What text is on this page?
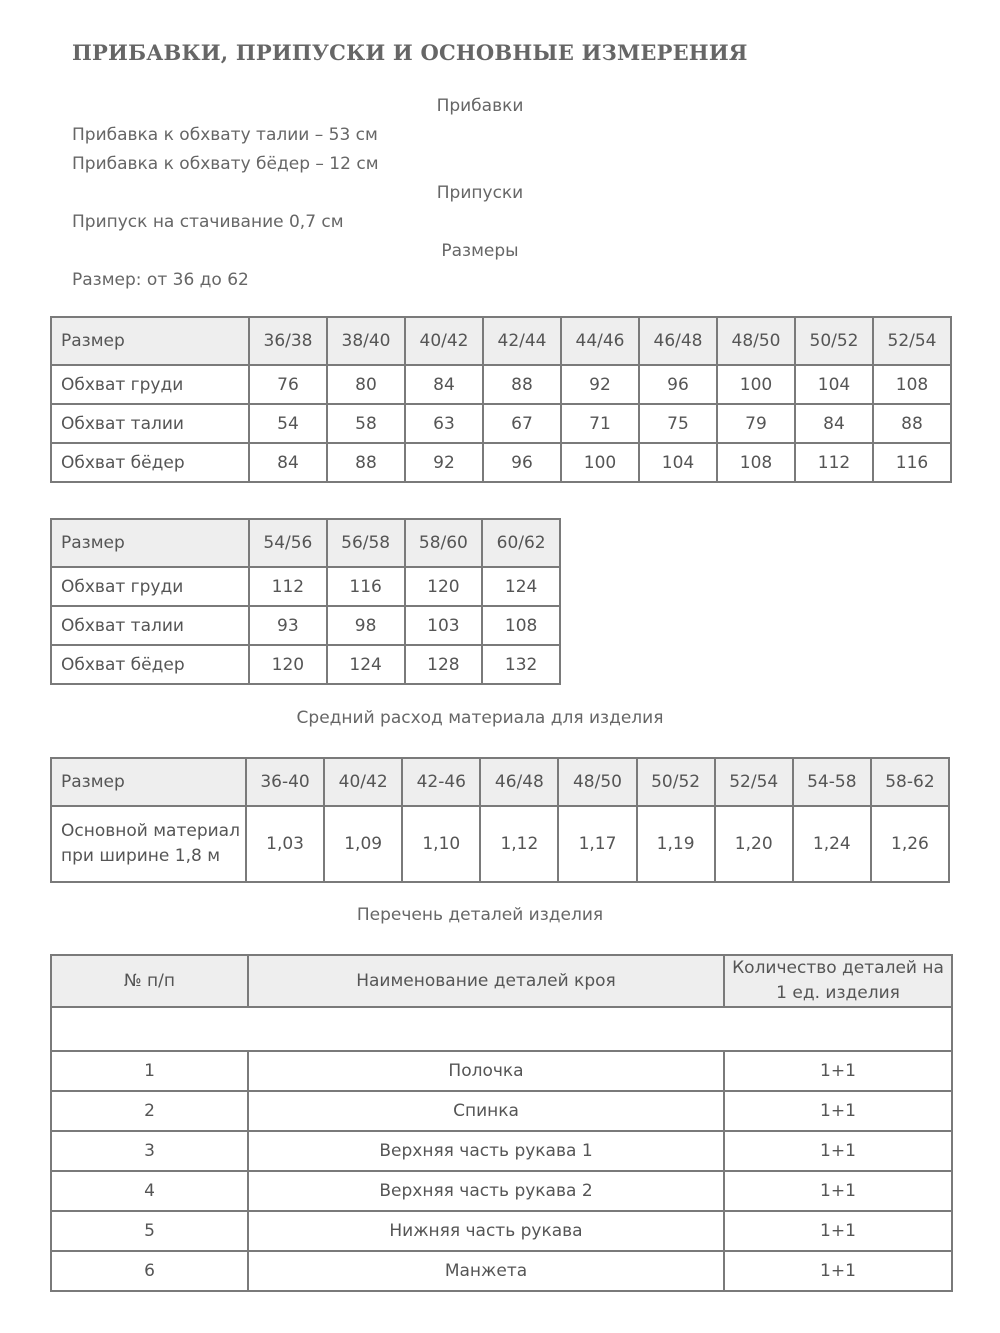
ПРИБАВКИ, ПРИПУСКИ И ОСНОВНЫЕ ИЗМЕРЕНИЯ
Прибавки
Прибавка к обхвату талии – 53 см
Прибавка к обхвату бёдер – 12 см
Припуски
Припуск на стачивание 0,7 см
Размеры
Размер: от 36 до 62
Размер	36/38	38/40	40/42	42/44	44/46	46/48	48/50	50/52	52/54
Обхват груди	76	80	84	88	92	96	100	104	108
Обхват талии	54	58	63	67	71	75	79	84	88
Обхват бёдер	84	88	92	96	100	104	108	112	116
Размер	54/56	56/58	58/60	60/62
Обхват груди	112	116	120	124
Обхват талии	93	98	103	108
Обхват бёдер	120	124	128	132
Средний расход материала для изделия
Размер	36-40	40/42	42-46	46/48	48/50	50/52	52/54	54-58	58-62
Основной материал при ширине 1,8 м	1,03	1,09	1,10	1,12	1,17	1,19	1,20	1,24	1,26
Перечень деталей изделия
№ п/п	Наименование деталей кроя	Количество деталей на 1 ед. изделия

1	Полочка	1+1
2	Спинка	1+1
3	Верхняя часть рукава 1	1+1
4	Верхняя часть рукава 2	1+1
5	Нижняя часть рукава	1+1
6	Манжета	1+1
